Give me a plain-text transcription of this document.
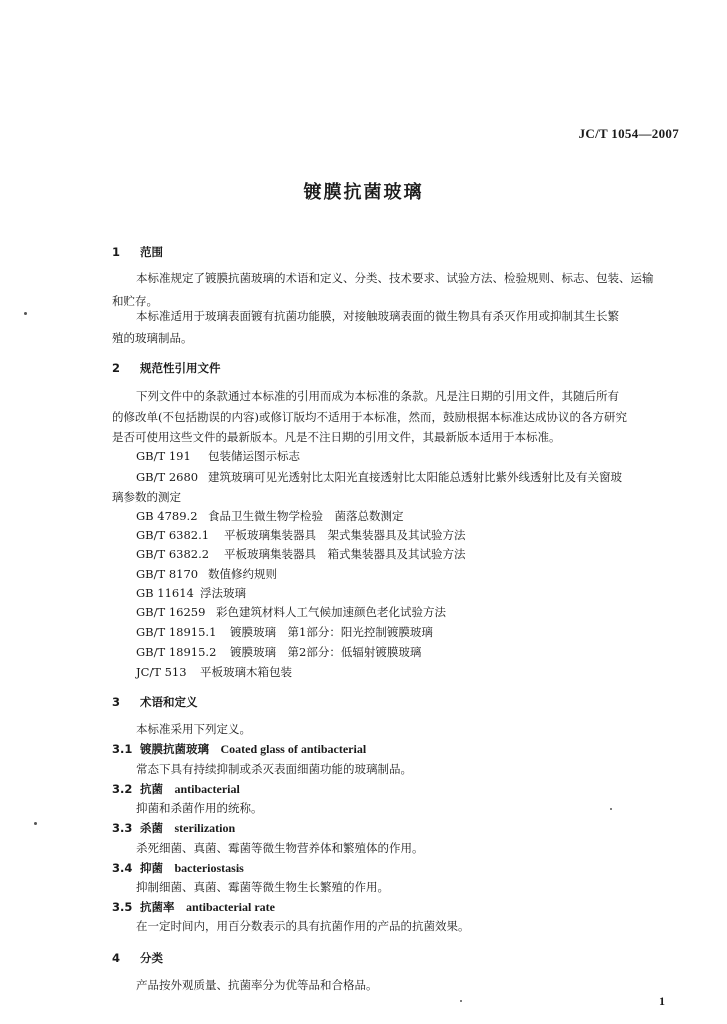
JC/T 1054—2007
镀膜抗菌玻璃
1 范围
本标准规定了镀膜抗菌玻璃的术语和定义、分类、技术要求、试验方法、检验规则、标志、包装、运输
和贮存。
本标准适用于玻璃表面镀有抗菌功能膜，对接触玻璃表面的微生物具有杀灭作用或抑制其生长繁
殖的玻璃制品。
2 规范性引用文件
下列文件中的条款通过本标准的引用而成为本标准的条款。凡是注日期的引用文件，其随后所有
的修改单(不包括勘误的内容)或修订版均不适用于本标准，然而，鼓励根据本标准达成协议的各方研究
是否可使用这些文件的最新版本。凡是不注日期的引用文件，其最新版本适用于本标准。
GB/T 191 包装储运图示标志
GB/T 2680 建筑玻璃可见光透射比太阳光直接透射比太阳能总透射比紫外线透射比及有关窗玻
璃参数的测定
GB 4789.2 食品卫生微生物学检验　菌落总数测定
GB/T 6382.1 平板玻璃集装器具　架式集装器具及其试验方法
GB/T 6382.2 平板玻璃集装器具　箱式集装器具及其试验方法
GB/T 8170 数值修约规则
GB 11614 浮法玻璃
GB/T 16259 彩色建筑材料人工气候加速颜色老化试验方法
GB/T 18915.1 镀膜玻璃　第1部分：阳光控制镀膜玻璃
GB/T 18915.2 镀膜玻璃　第2部分：低辐射镀膜玻璃
JC/T 513 平板玻璃木箱包装
3 术语和定义
本标准采用下列定义。
3.1 镀膜抗菌玻璃　 Coated glass of antibacterial
常态下具有持续抑制或杀灭表面细菌功能的玻璃制品。
3.2 抗菌　 antibacterial
抑菌和杀菌作用的统称。
3.3 杀菌　 sterilization
杀死细菌、真菌、霉菌等微生物营养体和繁殖体的作用。
3.4 抑菌　 bacteriostasis
抑制细菌、真菌、霉菌等微生物生长繁殖的作用。
3.5 抗菌率　 antibacterial rate
在一定时间内，用百分数表示的具有抗菌作用的产品的抗菌效果。
4 分类
产品按外观质量、抗菌率分为优等品和合格品。
1
